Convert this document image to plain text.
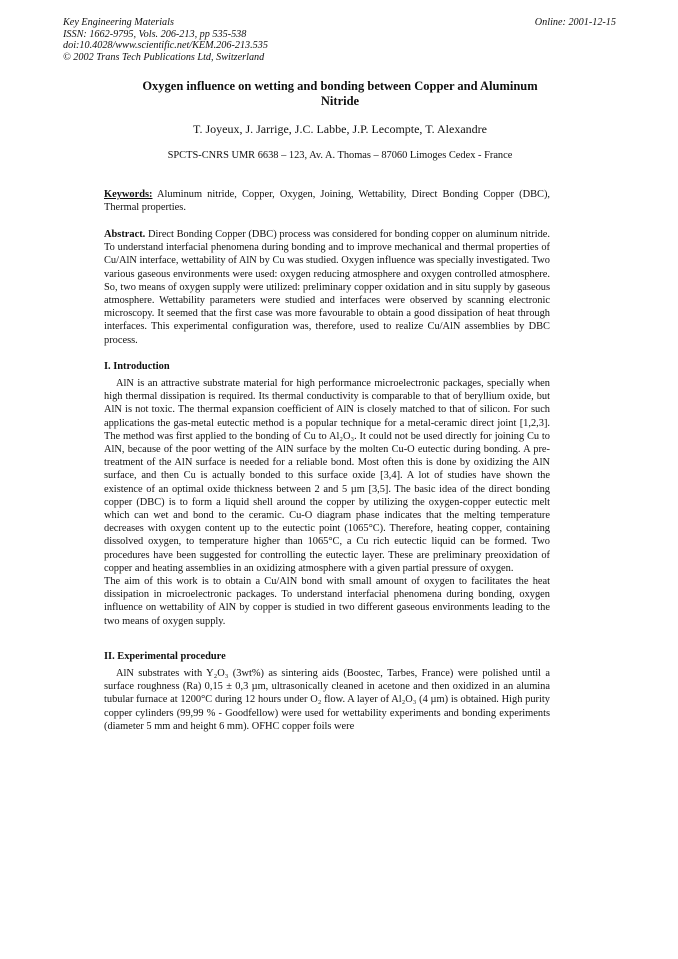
Key Engineering Materials
ISSN: 1662-9795, Vols. 206-213, pp 535-538
doi:10.4028/www.scientific.net/KEM.206-213.535
© 2002 Trans Tech Publications Ltd, Switzerland
Online: 2001-12-15
Oxygen influence on wetting and bonding between Copper and Aluminum
Nitride
T. Joyeux, J. Jarrige, J.C. Labbe, J.P. Lecompte, T. Alexandre
SPCTS-CNRS UMR 6638 – 123, Av. A. Thomas – 87060 Limoges Cedex - France
Keywords: Aluminum nitride, Copper, Oxygen, Joining, Wettability, Direct Bonding Copper (DBC), Thermal properties.
Abstract. Direct Bonding Copper (DBC) process was considered for bonding copper on aluminum nitride. To understand interfacial phenomena during bonding and to improve mechanical and thermal properties of Cu/AlN interface, wettability of AlN by Cu was studied. Oxygen influence was specially investigated. Two various gaseous environments were used: oxygen reducing atmosphere and oxygen controlled atmosphere. So, two means of oxygen supply were utilized: preliminary copper oxidation and in situ supply by gaseous atmosphere. Wettability parameters were studied and interfaces were observed by scanning electronic microscopy. It seemed that the first case was more favourable to obtain a good dissipation of heat through interfaces. This experimental configuration was, therefore, used to realize Cu/AlN assemblies by DBC process.
I. Introduction

AlN is an attractive substrate material for high performance microelectronic packages, specially when high thermal dissipation is required. Its thermal conductivity is comparable to that of beryllium oxide, but AlN is not toxic. The thermal expansion coefficient of AlN is closely matched to that of silicon. For such applications the gas-metal eutectic method is a popular technique for a metal-ceramic direct joint [1,2,3]. The method was first applied to the bonding of Cu to Al₂O₃. It could not be used directly for joining Cu to AlN, because of the poor wetting of the AlN surface by the molten Cu-O eutectic during bonding. A pre-treatment of the AlN surface is needed for a reliable bond. Most often this is done by oxidizing the AlN surface, and then Cu is actually bonded to this surface oxide [3,4]. A lot of studies have shown the existence of an optimal oxide thickness between 2 and 5 µm [3,5]. The basic idea of the direct bonding copper (DBC) is to form a liquid shell around the copper by utilizing the oxygen-copper eutectic melt which can wet and bond to the ceramic. Cu-O diagram phase indicates that the melting temperature decreases with oxygen content up to the eutectic point (1065°C). Therefore, heating copper, containing dissolved oxygen, to temperature higher than 1065°C, a Cu rich eutectic liquid can be formed. Two procedures have been suggested for controlling the eutectic layer. These are preliminary preoxidation of copper and heating assemblies in an oxidizing atmosphere with a given partial pressure of oxygen.

The aim of this work is to obtain a Cu/AlN bond with small amount of oxygen to facilitates the heat dissipation in microelectronic packages. To understand interfacial phenomena during bonding, oxygen influence on wettability of AlN by copper is studied in two different gaseous environments leading to the two means of oxygen supply.

II. Experimental procedure

AlN substrates with Y₂O₃ (3wt%) as sintering aids (Boostec, Tarbes, France) were polished until a surface roughness (Ra) 0,15 ± 0,3 µm, ultrasonically cleaned in acetone and then oxidized in an alumina tubular furnace at 1200°C during 12 hours under O₂ flow. A layer of Al₂O₃ (4 µm) is obtained. High purity copper cylinders (99,99 % - Goodfellow) were used for wettability experiments and bonding experiments (diameter 5 mm and height 6 mm). OFHC copper foils were
